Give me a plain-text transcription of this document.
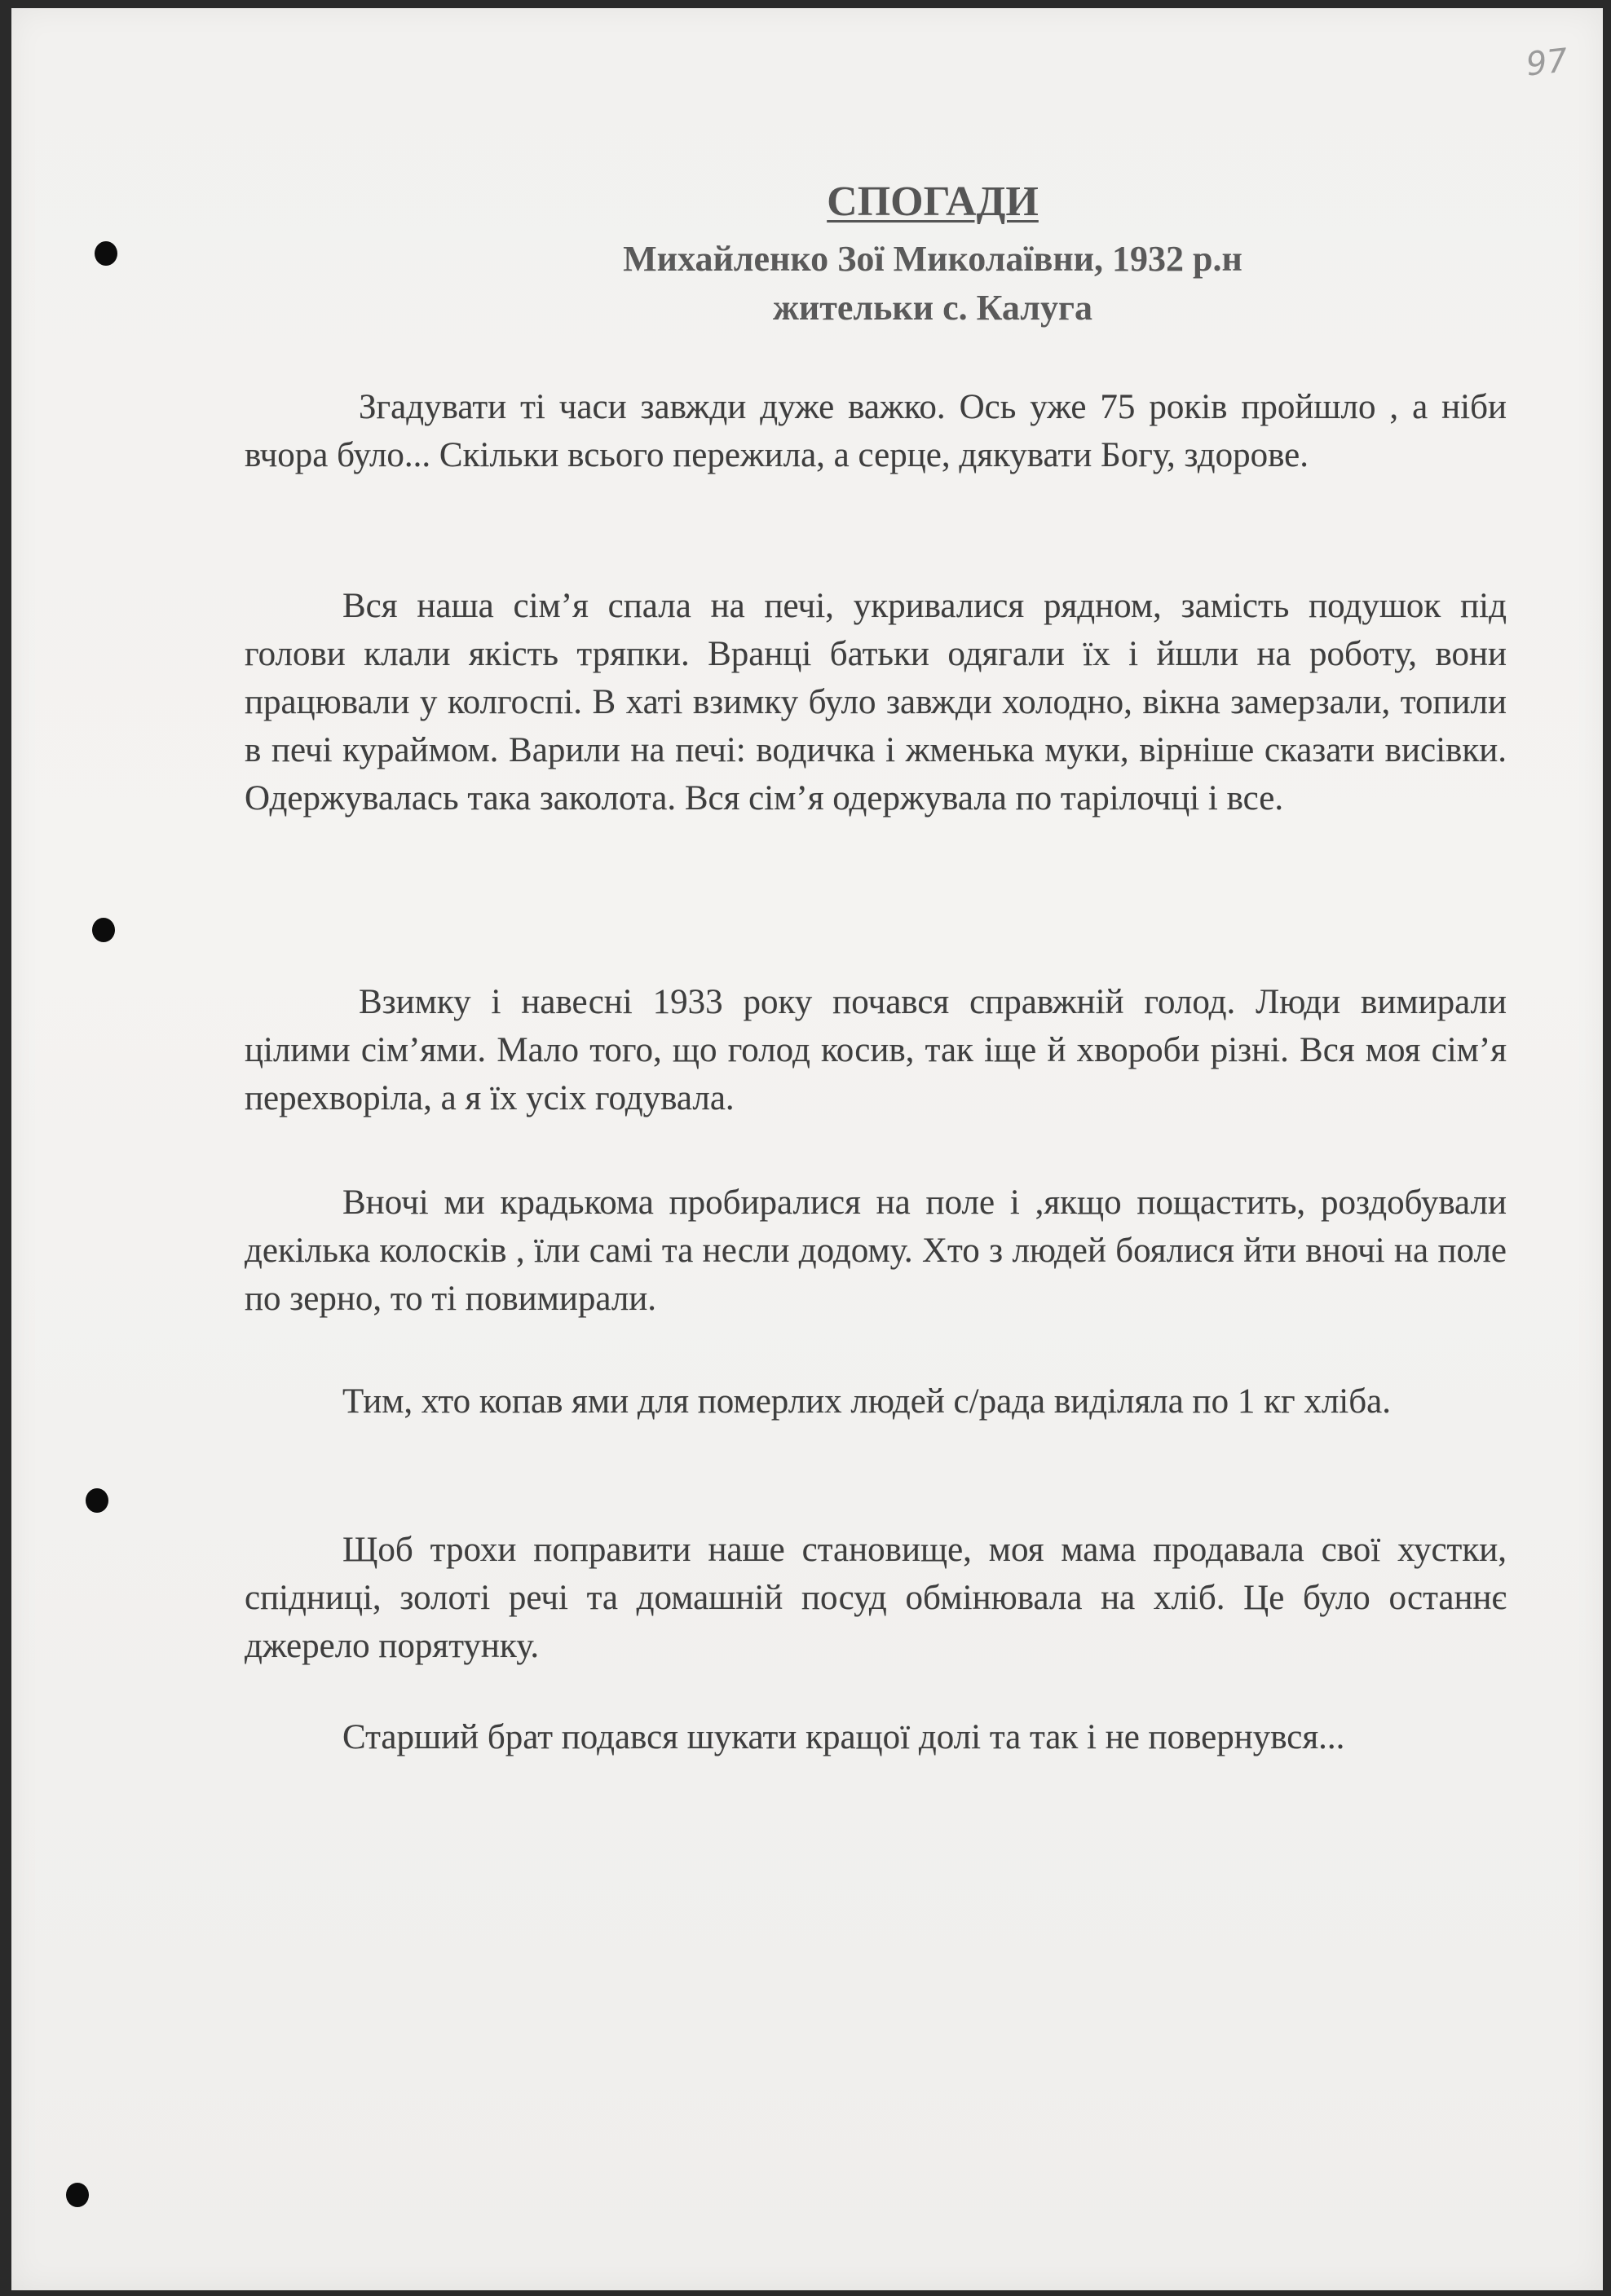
97
СПОГАДИ
Михайленко Зої Миколаївни, 1932 р.н
жительки с. Калуга

Згадувати ті часи завжди дуже важко. Ось уже 75 років пройшло , а ніби вчора було... Скільки всього пережила, а серце, дякувати Богу, здорове.

Вся наша сім’я спала на печі, укривалися рядном, замість подушок під голови клали якість тряпки. Вранці батьки одягали їх і йшли на роботу, вони працювали у колгоспі. В хаті взимку було завжди холодно, вікна замерзали, топили в печі кураймом. Варили на печі: водичка і жменька муки, вірніше сказати висівки. Одержувалась така заколота. Вся сім’я одержувала по тарілочці і все.

Взимку і навесні 1933 року почався справжній голод. Люди вимирали цілими сім’ями. Мало того, що голод косив, так іще й хвороби різні. Вся моя сім’я перехворіла, а я їх усіх годувала.

Вночі ми крадькома пробиралися на поле і ,якщо пощастить, роздобували декілька колосків , їли самі та несли додому. Хто з людей боялися йти вночі на поле по зерно, то ті повимирали.

Тим, хто копав ями для померлих людей с/рада виділяла по 1 кг хліба.

Щоб трохи поправити наше становище, моя мама продавала свої хустки, спідниці, золоті речі та домашній посуд обмінювала на хліб. Це було останнє джерело порятунку.

Старший брат подався шукати кращої долі та так і не повернувся...
